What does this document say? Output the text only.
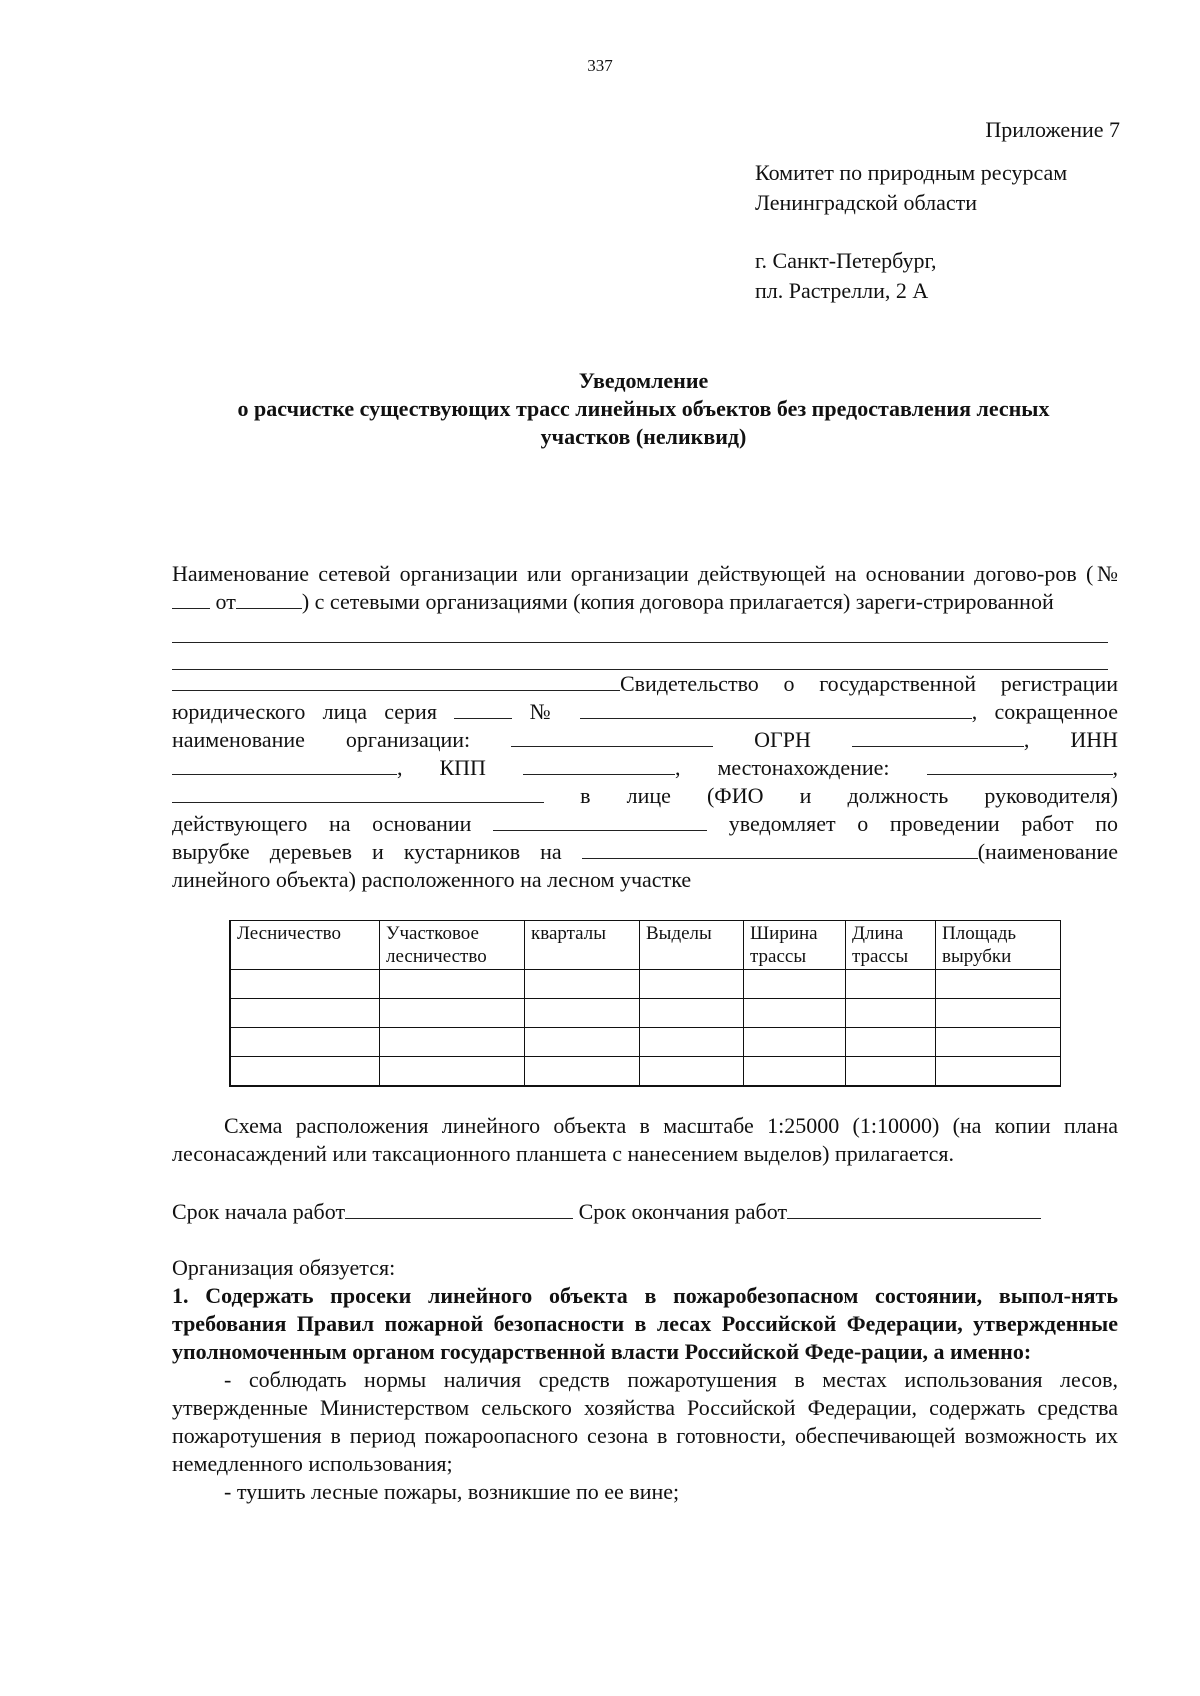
337
Приложение 7
Комитет по природным ресурсам
Ленинградской области
г. Санкт-Петербург,
пл. Растрелли, 2 А
Уведомление
о расчистке существующих трасс линейных объектов без предоставления лесных
участков (неликвид)
Наименование сетевой организации или организации действующей на основании догово-ров (№ от	) с сетевыми организациями (копия договора прилагается) зареги-стрированной
Свидетельство о государственной регистрации
юридического лица серия	№	, сокращенное
наименование организации:	ОГРН	, ИНН
, КПП	, местонахождение:	,
в лице (ФИО и должность руководителя)
действующего на основании	уведомляет о проведении работ по
вырубке деревьев и кустарников на	(наименование
линейного объекта) расположенного на лесном участке
Лесничество	Участковое лесничество	кварталы	Выделы	Ширина трассы	Длина трассы	Площадь вырубки

Схема расположения линейного объекта в масштабе 1:25000 (1:10000) (на копии плана лесонасаждений или таксационного планшета с нанесением выделов) прилагается.
Срок начала работ	Срок окончания работ
Организация обязуется:
1. Содержать просеки линейного объекта в пожаробезопасном состоянии, выпол-нять требования Правил пожарной безопасности в лесах Российской Федерации, утвержденные уполномоченным органом государственной власти Российской Феде-рации, а именно:
- соблюдать нормы наличия средств пожаротушения в местах использования лесов, утвержденные Министерством сельского хозяйства Российской Федерации, содержать средства пожаротушения в период пожароопасного сезона в готовности, обеспечивающей возможность их немедленного использования;
- тушить лесные пожары, возникшие по ее вине;
